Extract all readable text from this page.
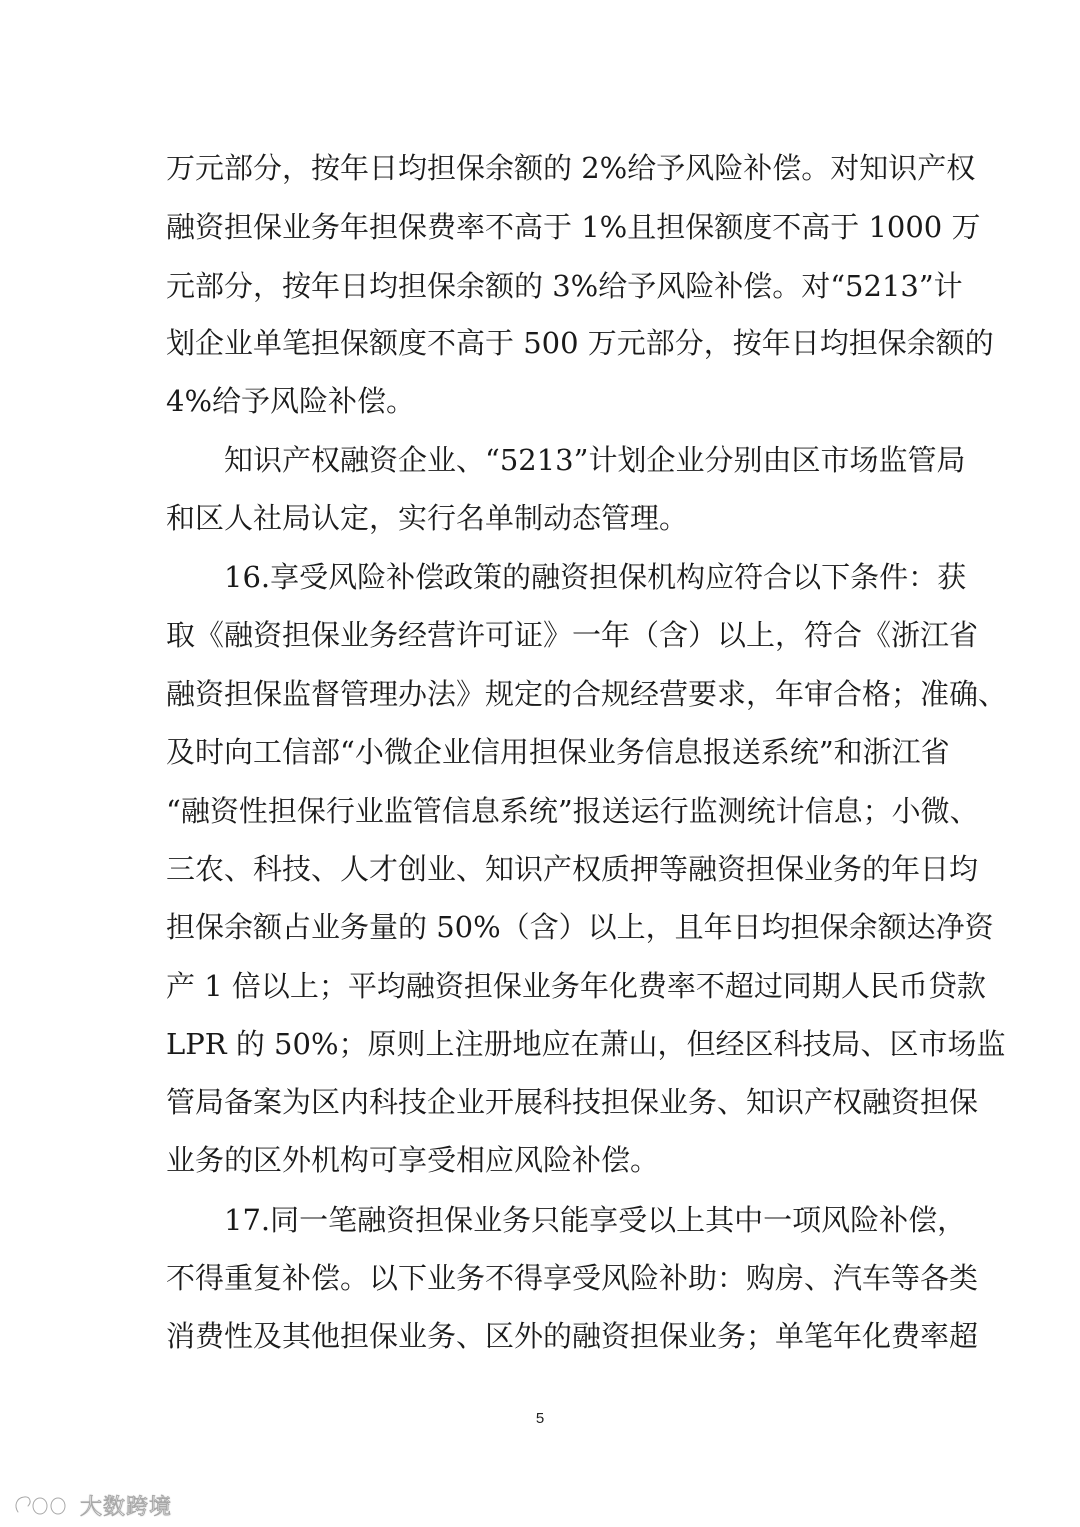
万元部分，按年日均担保余额的 2%给予风险补偿。对知识产权
融资担保业务年担保费率不高于 1%且担保额度不高于 1000 万
元部分，按年日均担保余额的 3%给予风险补偿。对“5213”计
划企业单笔担保额度不高于 500 万元部分，按年日均担保余额的
4%给予风险补偿。
知识产权融资企业、“5213”计划企业分别由区市场监管局
和区人社局认定，实行名单制动态管理。
16.享受风险补偿政策的融资担保机构应符合以下条件：获
取《融资担保业务经营许可证》一年（含）以上，符合《浙江省
融资担保监督管理办法》规定的合规经营要求，年审合格；准确、
及时向工信部“小微企业信用担保业务信息报送系统”和浙江省
“融资性担保行业监管信息系统”报送运行监测统计信息；小微、
三农、科技、人才创业、知识产权质押等融资担保业务的年日均
担保余额占业务量的 50%（含）以上，且年日均担保余额达净资
产 1 倍以上；平均融资担保业务年化费率不超过同期人民币贷款
LPR 的 50%；原则上注册地应在萧山，但经区科技局、区市场监
管局备案为区内科技企业开展科技担保业务、知识产权融资担保
业务的区外机构可享受相应风险补偿。
17.同一笔融资担保业务只能享受以上其中一项风险补偿，
不得重复补偿。以下业务不得享受风险补助：购房、汽车等各类
消费性及其他担保业务、区外的融资担保业务；单笔年化费率超
5
大数跨境
